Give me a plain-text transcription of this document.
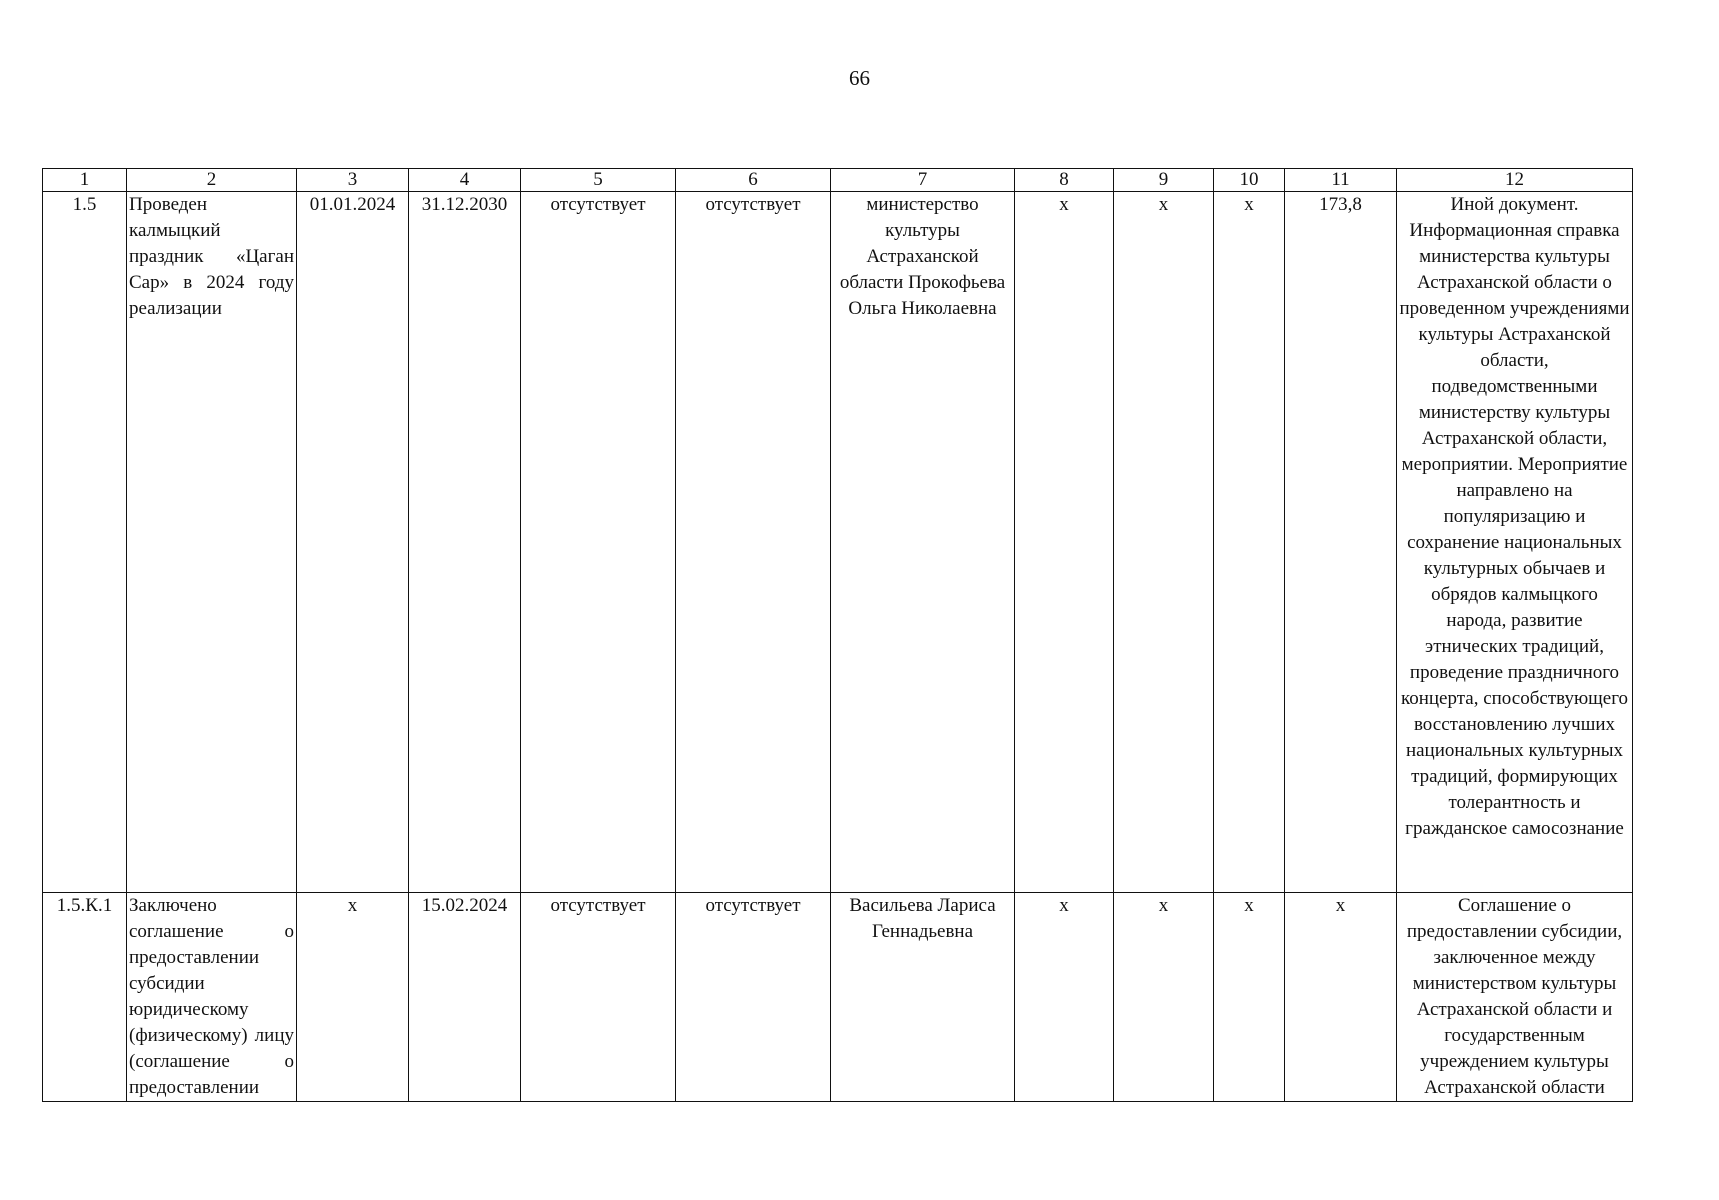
66
1	2	3	4	5	6	7	8	9	10	11	12
1.5	Проведен калмыцкий праздник «Цаган Сар» в 2024 году реализации	01.01.2024	31.12.2030	отсутствует	отсутствует	министерство культуры Астраханской области Прокофьева Ольга Николаевна	х	х	х	173,8	Иной документ. Информационная справка министерства культуры Астраханской области о проведенном учреждениями культуры Астраханской области, подведомственными министерству культуры Астраханской области, мероприятии. Мероприятие направлено на популяризацию и сохранение национальных культурных обычаев и обрядов калмыцкого народа, развитие этнических традиций, проведение праздничного концерта, способствующего восстановлению лучших национальных культурных традиций, формирующих толерантность и гражданское самосознание
1.5.К.1	Заключено соглашение о предоставлении субсидии юридическому (физическому) лицу (соглашение о предоставлении	х	15.02.2024	отсутствует	отсутствует	Васильева Лариса Геннадьевна	х	х	х	х	Соглашение о предоставлении субсидии, заключенное между министерством культуры Астраханской области и государственным учреждением культуры Астраханской области
